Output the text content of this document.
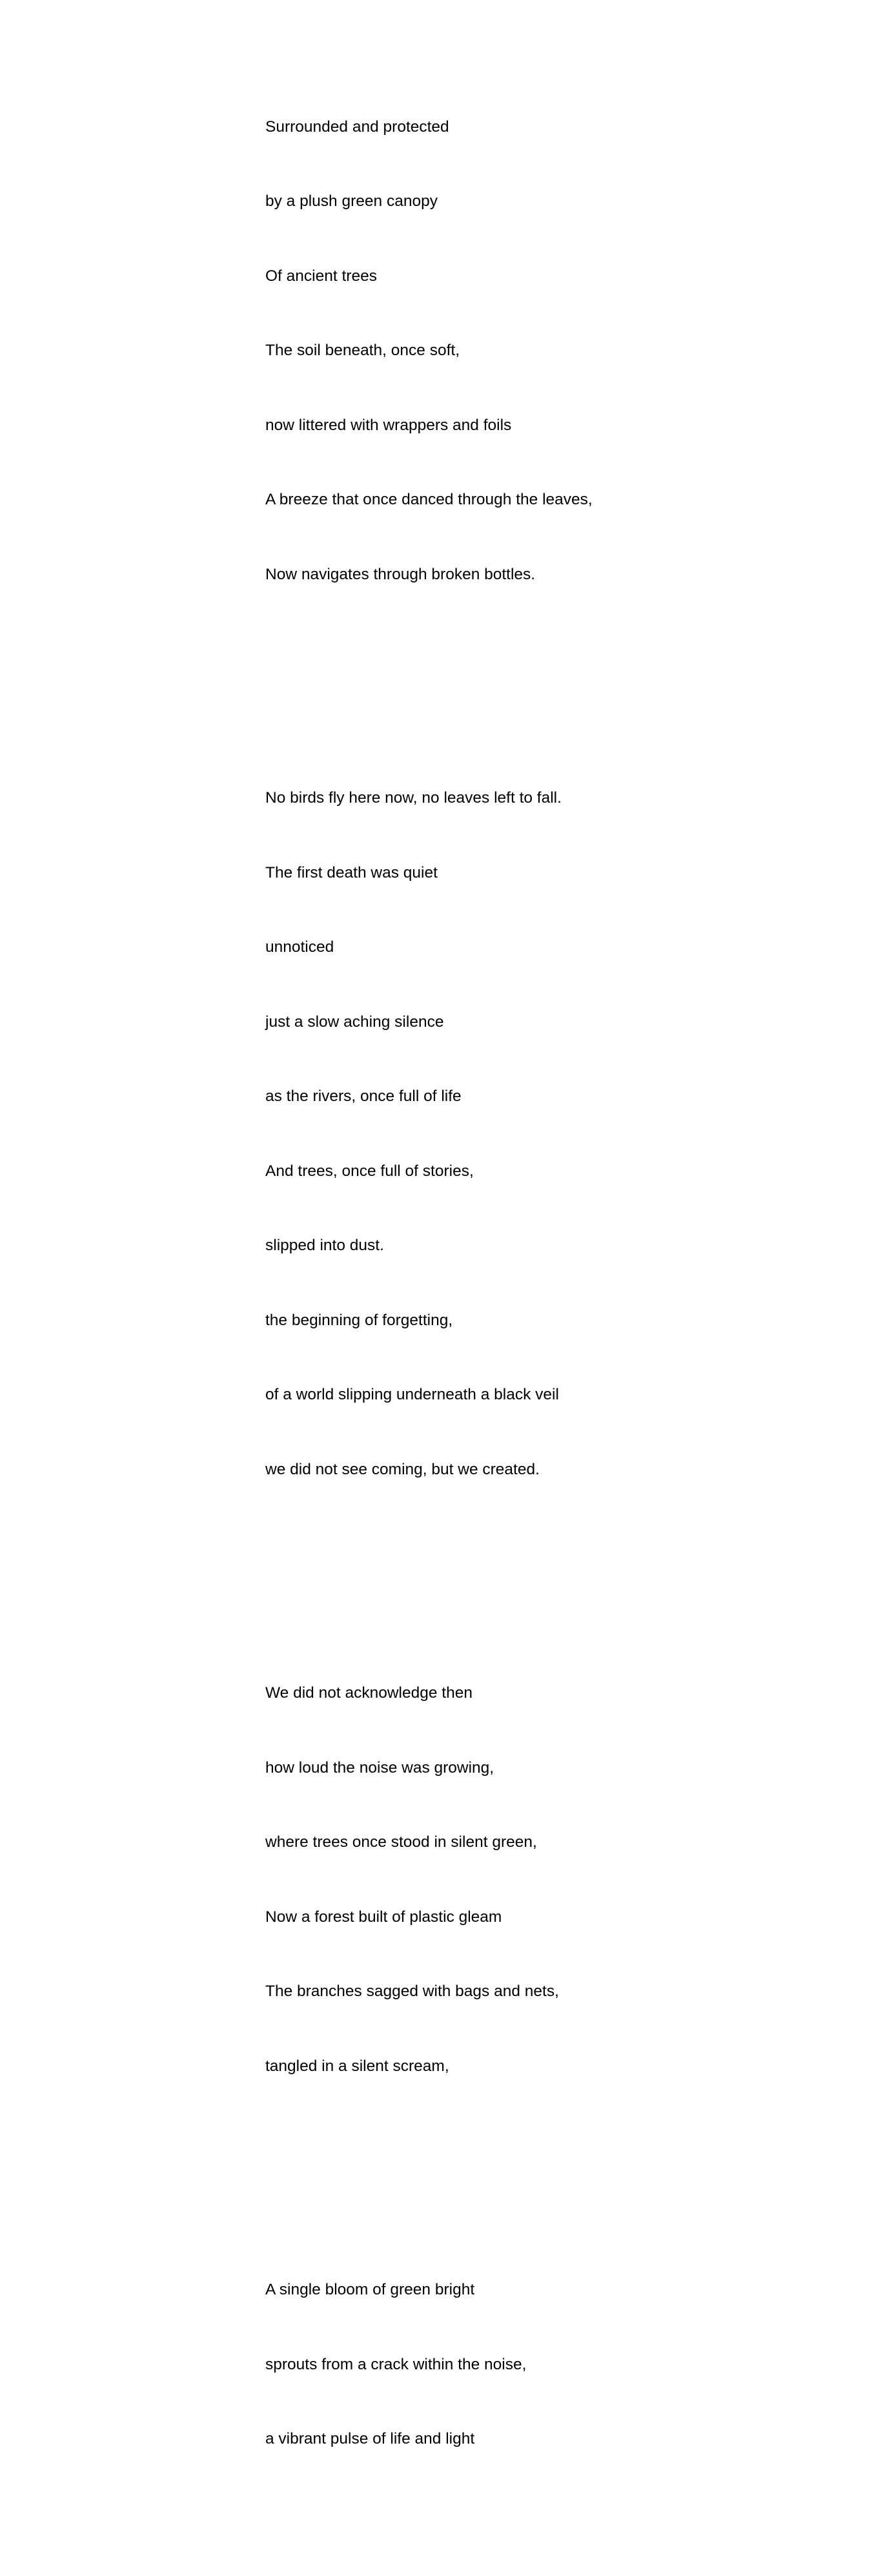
Surrounded and protected

by a plush green canopy

Of ancient trees

The soil beneath, once soft,

now littered with wrappers and foils

A breeze that once danced through the leaves,

Now navigates through broken bottles.

No birds fly here now, no leaves left to fall.

The first death was quiet

unnoticed

just a slow aching silence

as the rivers, once full of life

And trees, once full of stories,

slipped into dust.

the beginning of forgetting,

of a world slipping underneath a black veil

we did not see coming, but we created.

We did not acknowledge then

how loud the noise was growing,

where trees once stood in silent green,

Now a forest built of plastic gleam

The branches sagged with bags and nets,

tangled in a silent scream,

A single bloom of green bright

sprouts from a crack within the noise,

a vibrant pulse of life and light
